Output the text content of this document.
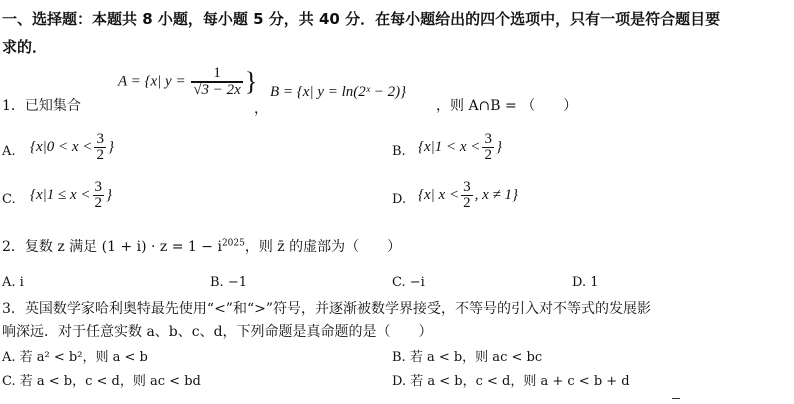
一、选择题：本题共 8 小题，每小题 5 分，共 40 分．在每小题给出的四个选项中，只有一项是符合题目要
求的．
1．已知集合
A = {x| $y = \frac{1}{√3 - 2x}$ }
，
B = {x| y = ln(2ˣ − 2)}
，则 A∩B = （　　）
A. {$x|0 < x < \frac{3}{2}$ }	B. {$x|1 < x < \frac{3}{2}$ }
C. {$x|1 \le x < \frac{3}{2}$ }	D. {x| $x < \frac{3}{2}$ , x ≠ 1}
2．复数 z 满足 $(1 + i) \cdot z = 1 - i^{2025}$，则 z̄ 的虚部为（　　）
A. i	B. −1	C. −i	D. 1
3．英国数学家哈利奥特最先使用“<”和“>”符号，并逐渐被数学界接受，不等号的引入对不等式的发展影
响深远．对于任意实数 a、b、c、d，下列命题是真命题的是（　　）
A. 若 a² < b²，则 a < b	B. 若 a < b，则 ac < bc
C. 若 a < b，c < d，则 ac < bd	D. 若 a < b，c < d，则 a + c < b + d
